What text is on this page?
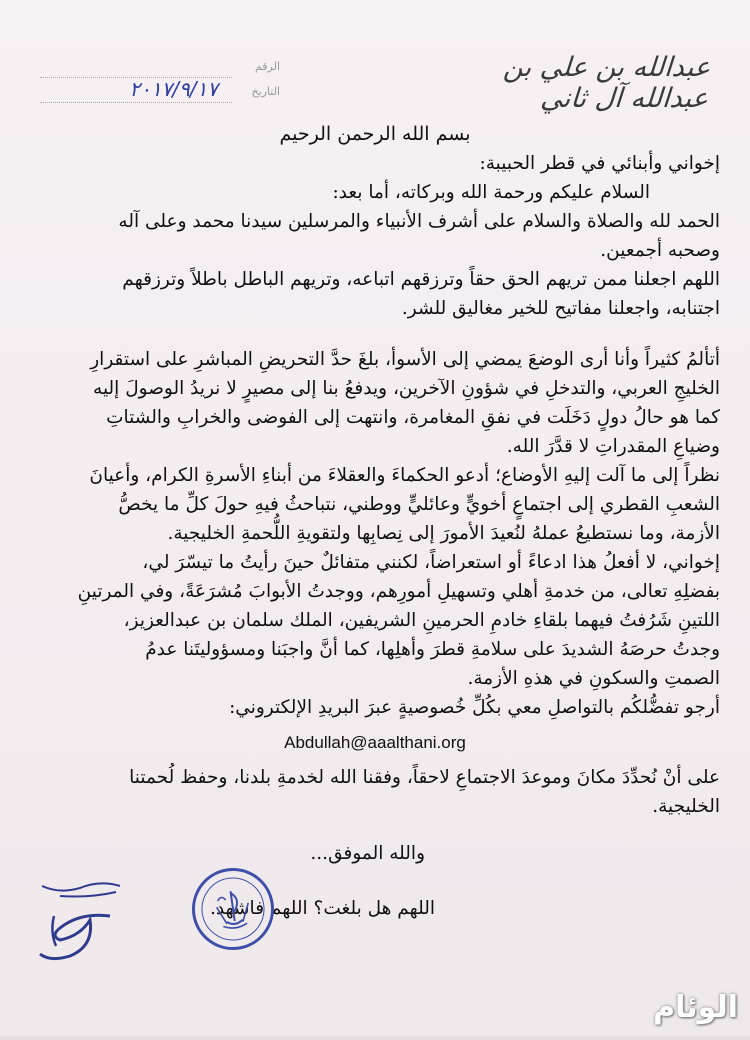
عبدالله بن علي بن عبدالله آل ثاني
الرقم
التاريخ
٢٠١٧/٩/١٧

بسم الله الرحمن الرحيم

إخواني وأبنائي في قطر الحبيبة:

السلام عليكم ورحمة الله وبركاته، أما بعد:

الحمد لله والصلاة والسلام على أشرف الأنبياء والمرسلين سيدنا محمد وعلى آله

وصحبه أجمعين.

اللهم اجعلنا ممن تريهم الحق حقاً وترزقهم اتباعه، وتريهم الباطل باطلاً وترزقهم

اجتنابه، واجعلنا مفاتيح للخير مغاليق للشر.

أتألمُ كثيراً وأنا أرى الوضعَ يمضي إلى الأسوأ، بلغَ حدَّ التحريضِ المباشرِ على استقرارِ

الخليجِ العربي، والتدخلِ في شؤونِ الآخرين، ويدفعُ بنا إلى مصيرٍ لا نريدُ الوصولَ إليه

كما هو حالُ دولٍ دَخَلَت في نفقِ المغامرة، وانتهت إلى الفوضى والخرابِ والشتاتِ

وضياعِ المقدراتِ لا قدَّرَ الله.

نظراً إلى ما آلت إليهِ الأوضاع؛ أدعو الحكماءَ والعقلاءَ من أبناءِ الأسرةِ الكرام، وأعيانَ

الشعبِ القطري إلى اجتماعٍ أخويٍّ وعائليٍّ ووطني، نتباحثُ فيهِ حولَ كلِّ ما يخصُّ

الأزمة، وما نستطيعُ عملهُ لنُعيدَ الأمورَ إلى نِصابِها ولتقويةِ اللُّحمةِ الخليجية.

إخواني، لا أفعلُ هذا ادعاءً أو استعراضاً، لكنني متفائلٌ حينَ رأيتُ ما تيسّرَ لي،

بفضلِهِ تعالى، من خدمةِ أهلي وتسهيلِ أمورِهم، ووجدتُ الأبوابَ مُشرَعَةً، وفي المرتينِ

اللتينِ شَرُفتُ فيهما بلقاءِ خادمِ الحرمينِ الشريفين، الملك سلمان بن عبدالعزيز،

وجدتُ حرصَهُ الشديدَ على سلامةِ قطرَ وأهلِها، كما أنَّ واجبَنا ومسؤوليتَنا عدمُ

الصمتِ والسكونِ في هذهِ الأزمة.

أرجو تفضُّلكُم بالتواصلِ معي بكُلِّ خُصوصيةٍ عبرَ البريدِ الإلكتروني:

Abdullah@aaalthani.org

على أنْ نُحدِّدَ مكانَ وموعدَ الاجتماعِ لاحقاً، وفقنا الله لخدمةِ بلدنا، وحفظ لُحمتنا

الخليجية.

والله الموفق...

اللهم هل بلغت؟ اللهم فاشهد.

الوئام
